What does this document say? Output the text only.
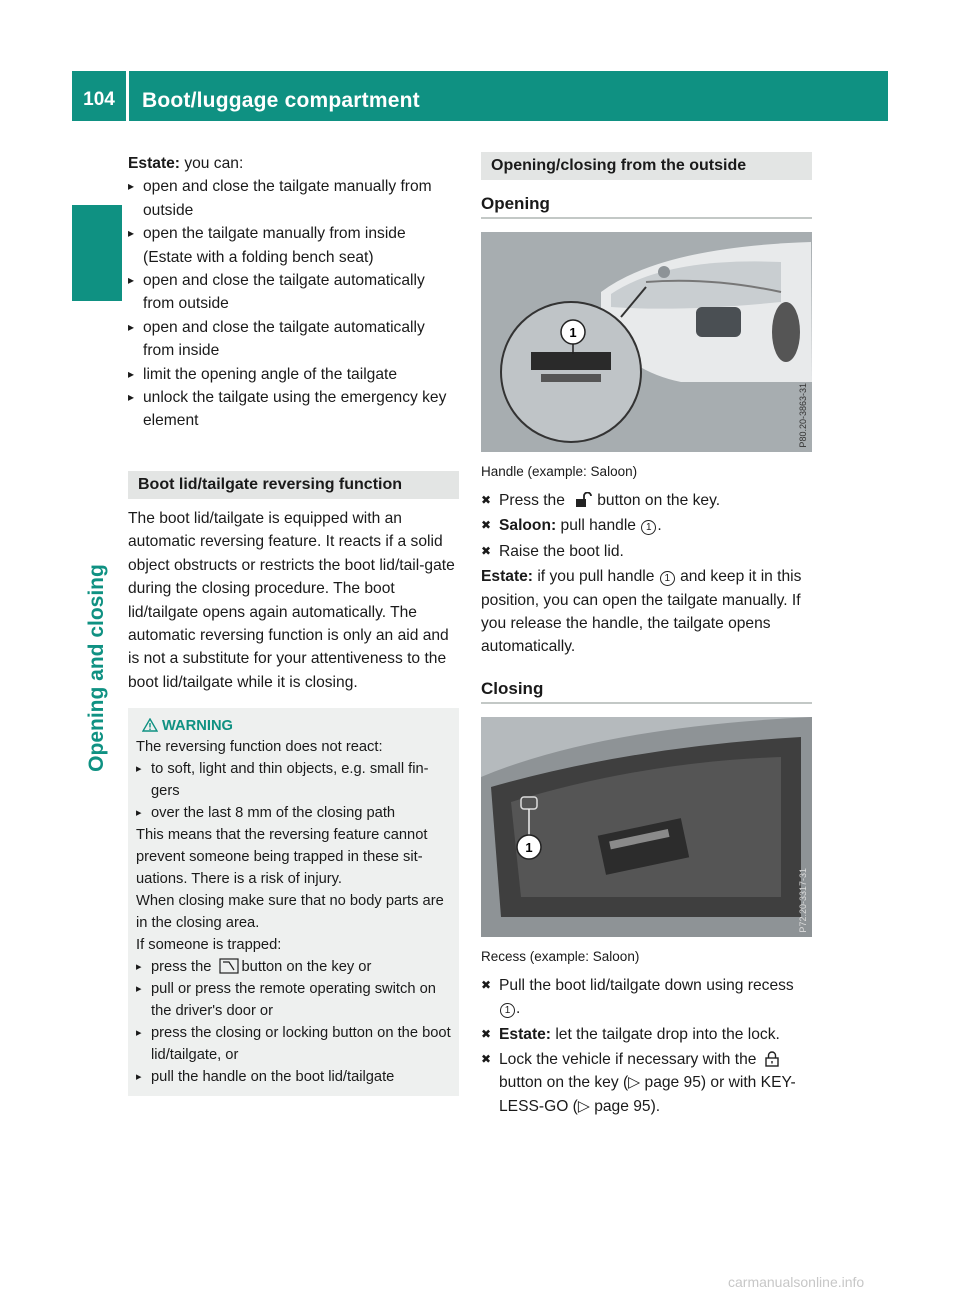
104	Boot/luggage compartment
Opening and closing

Estate: you can:

▸ open and close the tailgate manually from outside
▸ open the tailgate manually from inside (Estate with a folding bench seat)
▸ open and close the tailgate automatically from outside
▸ open and close the tailgate automatically from inside
▸ limit the opening angle of the tailgate
▸ unlock the tailgate using the emergency key element
Boot lid/tailgate reversing function

The boot lid/tailgate is equipped with an automatic reversing feature. It reacts if a solid object obstructs or restricts the boot lid/tail-gate during the closing procedure. The boot lid/tailgate opens again automatically. The automatic reversing function is only an aid and is not a substitute for your attentiveness to the boot lid/tailgate while it is closing.

WARNING

The reversing function does not react:

▸ to soft, light and thin objects, e.g. small fin-gers
▸ over the last 8 mm of the closing path

This means that the reversing feature cannot prevent someone being trapped in these sit-uations. There is a risk of injury.

When closing make sure that no body parts are in the closing area.

If someone is trapped:

▸ press the button on the key or
▸ pull or press the remote operating switch on the driver's door or
▸ press the closing or locking button on the boot lid/tailgate, or
▸ pull the handle on the boot lid/tailgate
Opening/closing from the outside
Opening
1
P80.20-3863-31
Handle (example: Saloon)
✖ Press the button on the key.
✖ Saloon: pull handle 1 .
✖ Raise the boot lid.

Estate: if you pull handle 1 and keep it in this position, you can open the tailgate manually. If you release the handle, the tailgate opens automatically.

Closing
1
P72.20-3317-31
Recess (example: Saloon)
✖ Pull the boot lid/tailgate down using recess 1 .
✖ Estate: let the tailgate drop into the lock.
✖ Lock the vehicle if necessary with the  button on the key (▷ page 95) or with KEY-LESS-GO (▷ page 95).
carmanualsonline.info
